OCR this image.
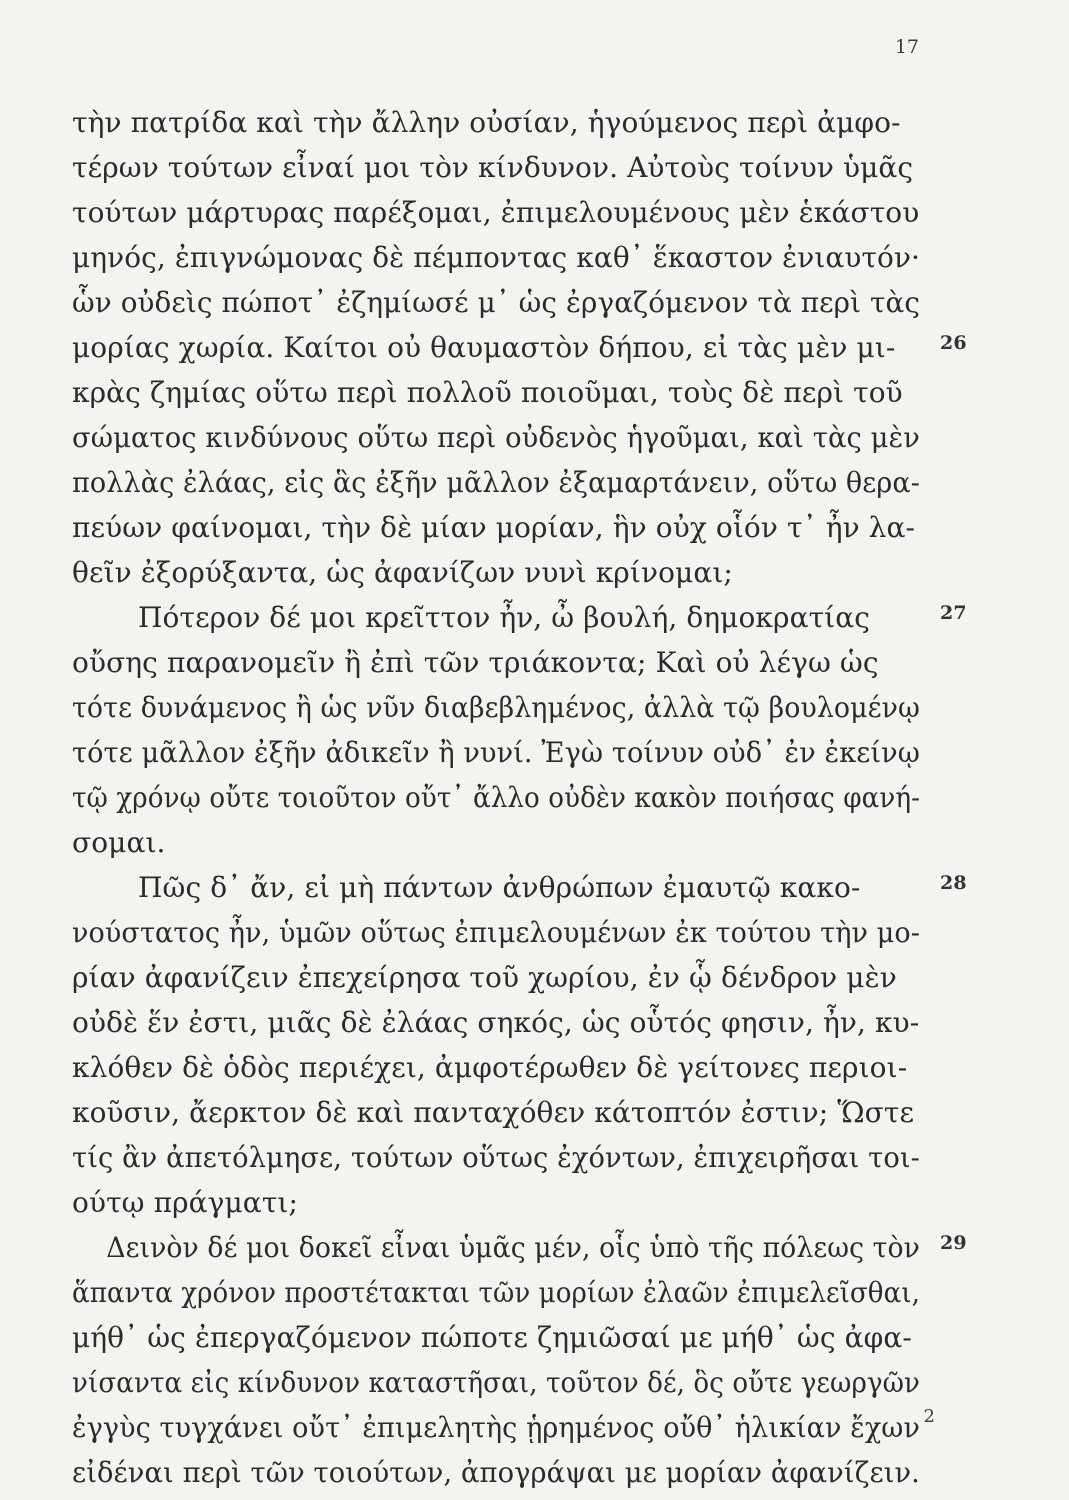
17
τὴν πατρίδα καὶ τὴν ἄλλην οὐσίαν, ἡγούμενος περὶ ἀμφο-
τέρων τούτων εἶναί μοι τὸν κίνδυνον. Αὐτοὺς τοίνυν ὑμᾶς
τούτων μάρτυρας παρέξομαι, ἐπιμελουμένους μὲν ἑκάστου
μηνός, ἐπιγνώμονας δὲ πέμποντας καθ᾽ ἕκαστον ἐνιαυτόν·
ὧν οὐδεὶς πώποτ᾽ ἐζημίωσέ μ᾽ ὡς ἐργαζόμενον τὰ περὶ τὰς
μορίας χωρία. Καίτοι οὐ θαυμαστὸν δήπου, εἰ τὰς μὲν μι- 26
κρὰς ζημίας οὕτω περὶ πολλοῦ ποιοῦμαι, τοὺς δὲ περὶ τοῦ
σώματος κινδύνους οὕτω περὶ οὐδενὸς ἡγοῦμαι, καὶ τὰς μὲν
πολλὰς ἐλάας, εἰς ἃς ἐξῆν μᾶλλον ἐξαμαρτάνειν, οὕτω θερα-
πεύων φαίνομαι, τὴν δὲ μίαν μορίαν, ἣν οὐχ οἷόν τ᾽ ἦν λα-
θεῖν ἐξορύξαντα, ὡς ἀφανίζων νυνὶ κρίνομαι;
Πότερον δέ μοι κρεῖττον ἦν, ὦ βουλή, δημοκρατίας	27
οὔσης παρανομεῖν ἢ ἐπὶ τῶν τριάκοντα; Καὶ οὐ λέγω ὡς
τότε δυνάμενος ἢ ὡς νῦν διαβεβλημένος, ἀλλὰ τῷ βουλομένῳ
τότε μᾶλλον ἐξῆν ἀδικεῖν ἢ νυνί. Ἐγὼ τοίνυν οὐδ᾽ ἐν ἐκείνῳ
τῷ χρόνῳ οὔτε τοιοῦτον οὔτ᾽ ἄλλο οὐδὲν κακὸν ποιήσας φανή-
σομαι.
Πῶς δ᾽ ἄν, εἰ μὴ πάντων ἀνθρώπων ἐμαυτῷ κακο-	28
νούστατος ἦν, ὑμῶν οὕτως ἐπιμελουμένων ἐκ τούτου τὴν μο-
ρίαν ἀφανίζειν ἐπεχείρησα τοῦ χωρίου, ἐν ᾧ δένδρον μὲν
οὐδὲ ἕν ἐστι, μιᾶς δὲ ἐλάας σηκός, ὡς οὗτός φησιν, ἦν, κυ-
κλόθεν δὲ ὁδὸς περιέχει, ἀμφοτέρωθεν δὲ γείτονες περιοι-
κοῦσιν, ἄερκτον δὲ καὶ πανταχόθεν κάτοπτόν ἐστιν; Ὥστε
τίς ἂν ἀπετόλμησε, τούτων οὕτως ἐχόντων, ἐπιχειρῆσαι τοι-
ούτῳ πράγματι;
Δεινὸν δέ μοι δοκεῖ εἶναι ὑμᾶς μέν, οἷς ὑπὸ τῆς πόλεως τὸν 29
ἅπαντα χρόνον προστέτακται τῶν μορίων ἐλαῶν ἐπιμελεῖσθαι,
μήθ᾽ ὡς ἐπεργαζόμενον πώποτε ζημιῶσαί με μήθ᾽ ὡς ἀφα-
νίσαντα εἰς κίνδυνον καταστῆσαι, τοῦτον δέ, ὃς οὔτε γεωργῶν
ἐγγὺς τυγχάνει οὔτ᾽ ἐπιμελητὴς ᾑρημένος οὔθ᾽ ἡλικίαν ἔχων
εἰδέναι περὶ τῶν τοιούτων, ἀπογράψαι με μορίαν ἀφανίζειν.
2
